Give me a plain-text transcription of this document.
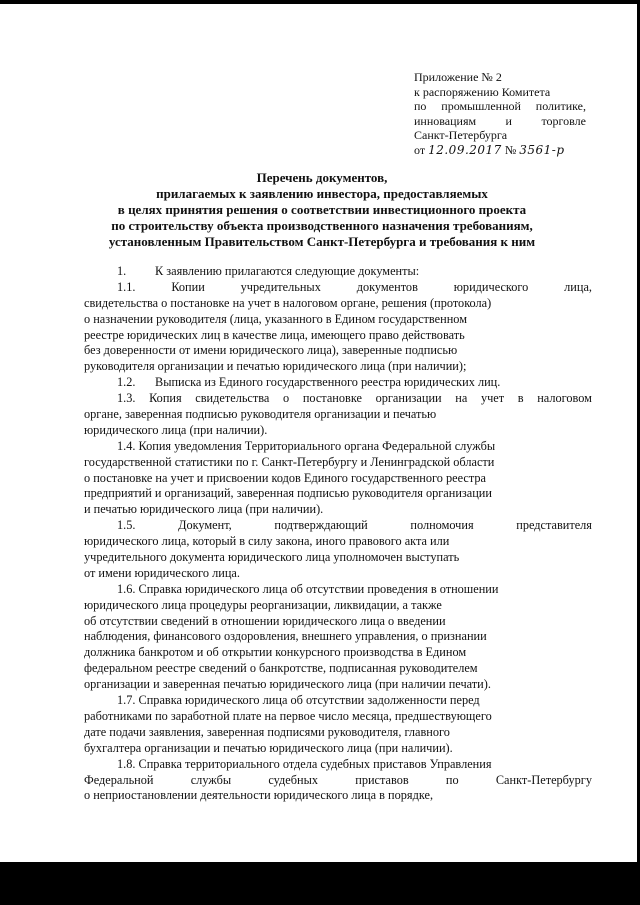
Приложение № 2
к распоряжению Комитета
по промышленной политике,
инновациям и торговле
Санкт-Петербурга
от 12.09.2017 № 3561-р
Перечень документов,
прилагаемых к заявлению инвестора, предоставляемых
в целях принятия решения о соответствии инвестиционного проекта
по строительству объекта производственного назначения требованиям,
установленным Правительством Санкт-Петербурга и требования к ним
1. К заявлению прилагаются следующие документы:
1.1.	Копии	учредительных	документов	юридического	лица,
свидетельства о постановке на учет в налоговом органе, решения (протокола)
о назначении руководителя (лица, указанного в Едином государственном
реестре юридических лиц в качестве лица, имеющего право действовать
без доверенности от имени юридического лица), заверенные подписью
руководителя организации и печатью юридического лица (при наличии);
1.2. Выписка из Единого государственного реестра юридических лиц.
1.3. Копия свидетельства о постановке организации на учет в налоговом
органе, заверенная подписью руководителя организации и печатью
юридического лица (при наличии).
1.4. Копия уведомления Территориального органа Федеральной службы
государственной статистики по г. Санкт-Петербургу и Ленинградской области
о постановке на учет и присвоении кодов Единого государственного реестра
предприятий и организаций, заверенная подписью руководителя организации
и печатью юридического лица (при наличии).
1.5.	Документ,	подтверждающий	полномочия	представителя
юридического лица, который в силу закона, иного правового акта или
учредительного документа юридического лица уполномочен выступать
от имени юридического лица.
1.6. Справка юридического лица об отсутствии проведения в отношении
юридического лица процедуры реорганизации, ликвидации, а также
об отсутствии сведений в отношении юридического лица о введении
наблюдения, финансового оздоровления, внешнего управления, о признании
должника банкротом и об открытии конкурсного производства в Едином
федеральном реестре сведений о банкротстве, подписанная руководителем
организации и заверенная печатью юридического лица (при наличии печати).
1.7. Справка юридического лица об отсутствии задолженности перед
работниками по заработной плате на первое число месяца, предшествующего
дате подачи заявления, заверенная подписями руководителя, главного
бухгалтера организации и печатью юридического лица (при наличии).
1.8. Справка территориального отдела судебных приставов Управления
Федеральной	службы	судебных	приставов	по	Санкт-Петербургу
о неприостановлении деятельности юридического лица в порядке,
